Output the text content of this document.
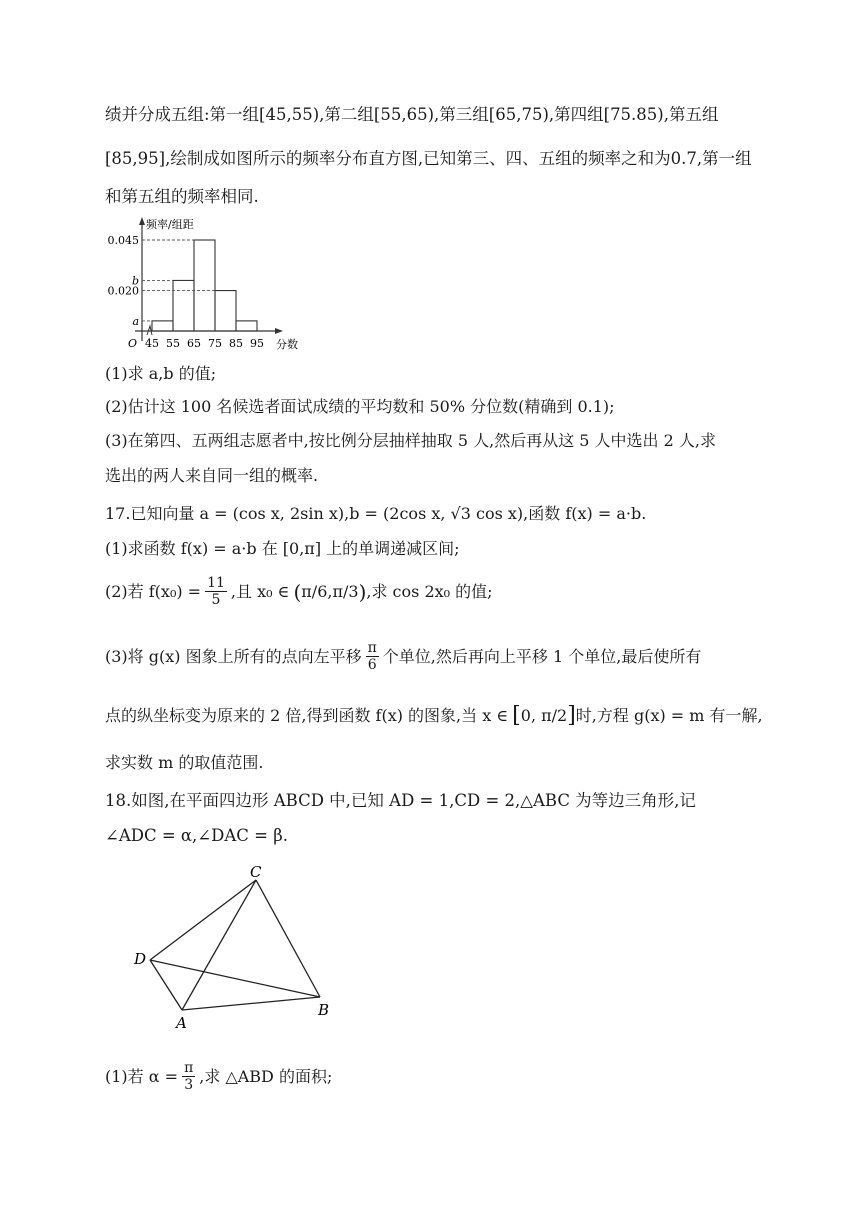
绩并分成五组:第一组[45,55),第二组[55,65),第三组[65,75),第四组[75.85),第五组
[85,95],绘制成如图所示的频率分布直方图,已知第三、四、五组的频率之和为0.7,第一组
和第五组的频率相同.
频率/组距
分数
O 45 55 65 75 85 95
0.045
b
0.020
a
(1)求 a,b 的值;
(2)估计这 100 名候选者面试成绩的平均数和 50% 分位数(精确到 0.1);
(3)在第四、五两组志愿者中,按比例分层抽样抽取 5 人,然后再从这 5 人中选出 2 人,求
选出的两人来自同一组的概率.
17.已知向量 a = (cos x, 2sin x),b = (2cos x, √3 cos x),函数 f(x) = a·b.
(1)求函数 f(x) = a·b 在 [0,π] 上的单调递减区间;
(2)若 $f(x_0) = \frac{11}{5}$ ,且 x₀ ∈ ( π/6 , π/3 ) ,求 cos 2x₀ 的值;
(3)将 g(x) 图象上所有的点向左平移 $\frac{\pi}{6}$ 个单位,然后再向上平移 1 个单位,最后使所有
点的纵坐标变为原来的 2 倍,得到函数 f(x) 的图象,当 x ∈ [ 0, π/2 ] 时,方程 g(x) = m 有一解,
求实数 m 的取值范围.
18.如图,在平面四边形 ABCD 中,已知 AD = 1,CD = 2,△ABC 为等边三角形,记
∠ADC = α,∠DAC = β.
C
D
A
B
(1)若 $\alpha = \frac{\pi}{3}$ ,求 △ABD 的面积;
